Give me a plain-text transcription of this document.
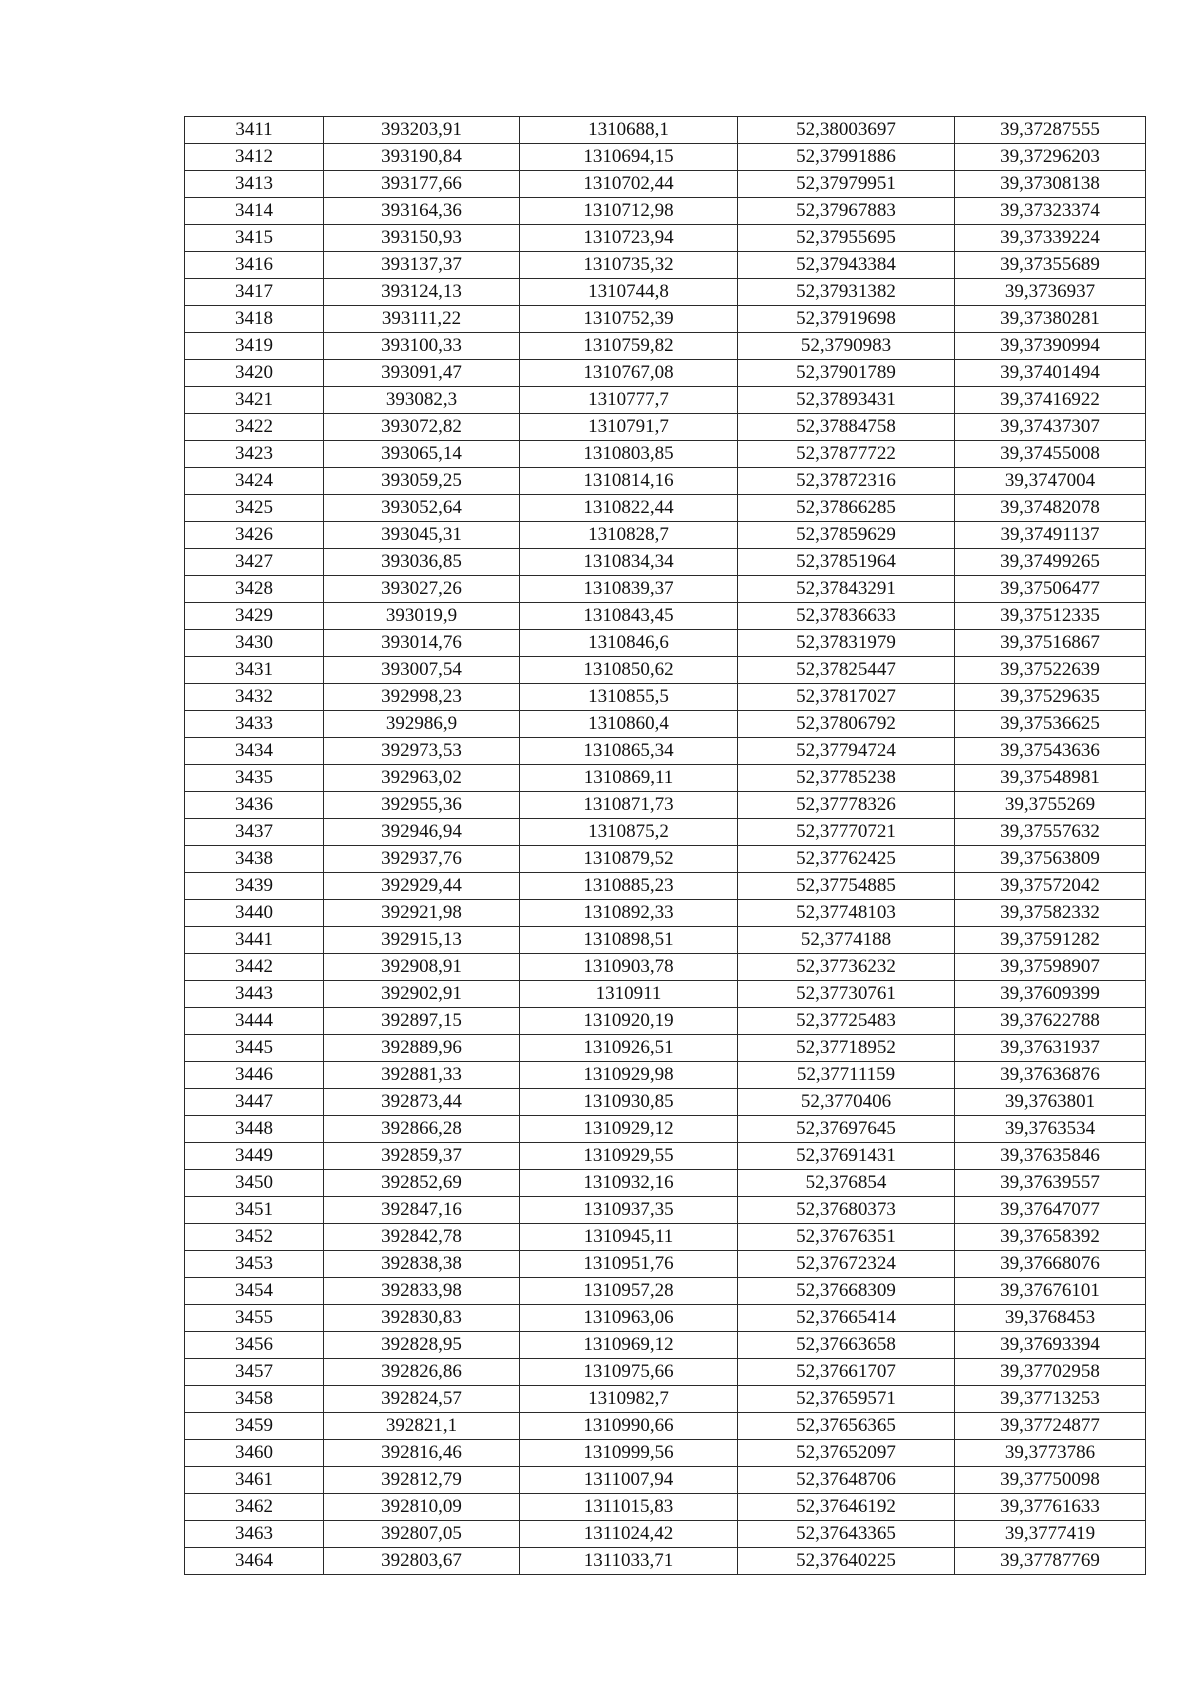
3411	393203,91	1310688,1	52,38003697	39,37287555
3412	393190,84	1310694,15	52,37991886	39,37296203
3413	393177,66	1310702,44	52,37979951	39,37308138
3414	393164,36	1310712,98	52,37967883	39,37323374
3415	393150,93	1310723,94	52,37955695	39,37339224
3416	393137,37	1310735,32	52,37943384	39,37355689
3417	393124,13	1310744,8	52,37931382	39,3736937
3418	393111,22	1310752,39	52,37919698	39,37380281
3419	393100,33	1310759,82	52,3790983	39,37390994
3420	393091,47	1310767,08	52,37901789	39,37401494
3421	393082,3	1310777,7	52,37893431	39,37416922
3422	393072,82	1310791,7	52,37884758	39,37437307
3423	393065,14	1310803,85	52,37877722	39,37455008
3424	393059,25	1310814,16	52,37872316	39,3747004
3425	393052,64	1310822,44	52,37866285	39,37482078
3426	393045,31	1310828,7	52,37859629	39,37491137
3427	393036,85	1310834,34	52,37851964	39,37499265
3428	393027,26	1310839,37	52,37843291	39,37506477
3429	393019,9	1310843,45	52,37836633	39,37512335
3430	393014,76	1310846,6	52,37831979	39,37516867
3431	393007,54	1310850,62	52,37825447	39,37522639
3432	392998,23	1310855,5	52,37817027	39,37529635
3433	392986,9	1310860,4	52,37806792	39,37536625
3434	392973,53	1310865,34	52,37794724	39,37543636
3435	392963,02	1310869,11	52,37785238	39,37548981
3436	392955,36	1310871,73	52,37778326	39,3755269
3437	392946,94	1310875,2	52,37770721	39,37557632
3438	392937,76	1310879,52	52,37762425	39,37563809
3439	392929,44	1310885,23	52,37754885	39,37572042
3440	392921,98	1310892,33	52,37748103	39,37582332
3441	392915,13	1310898,51	52,3774188	39,37591282
3442	392908,91	1310903,78	52,37736232	39,37598907
3443	392902,91	1310911	52,37730761	39,37609399
3444	392897,15	1310920,19	52,37725483	39,37622788
3445	392889,96	1310926,51	52,37718952	39,37631937
3446	392881,33	1310929,98	52,37711159	39,37636876
3447	392873,44	1310930,85	52,3770406	39,3763801
3448	392866,28	1310929,12	52,37697645	39,3763534
3449	392859,37	1310929,55	52,37691431	39,37635846
3450	392852,69	1310932,16	52,376854	39,37639557
3451	392847,16	1310937,35	52,37680373	39,37647077
3452	392842,78	1310945,11	52,37676351	39,37658392
3453	392838,38	1310951,76	52,37672324	39,37668076
3454	392833,98	1310957,28	52,37668309	39,37676101
3455	392830,83	1310963,06	52,37665414	39,3768453
3456	392828,95	1310969,12	52,37663658	39,37693394
3457	392826,86	1310975,66	52,37661707	39,37702958
3458	392824,57	1310982,7	52,37659571	39,37713253
3459	392821,1	1310990,66	52,37656365	39,37724877
3460	392816,46	1310999,56	52,37652097	39,3773786
3461	392812,79	1311007,94	52,37648706	39,37750098
3462	392810,09	1311015,83	52,37646192	39,37761633
3463	392807,05	1311024,42	52,37643365	39,3777419
3464	392803,67	1311033,71	52,37640225	39,37787769
